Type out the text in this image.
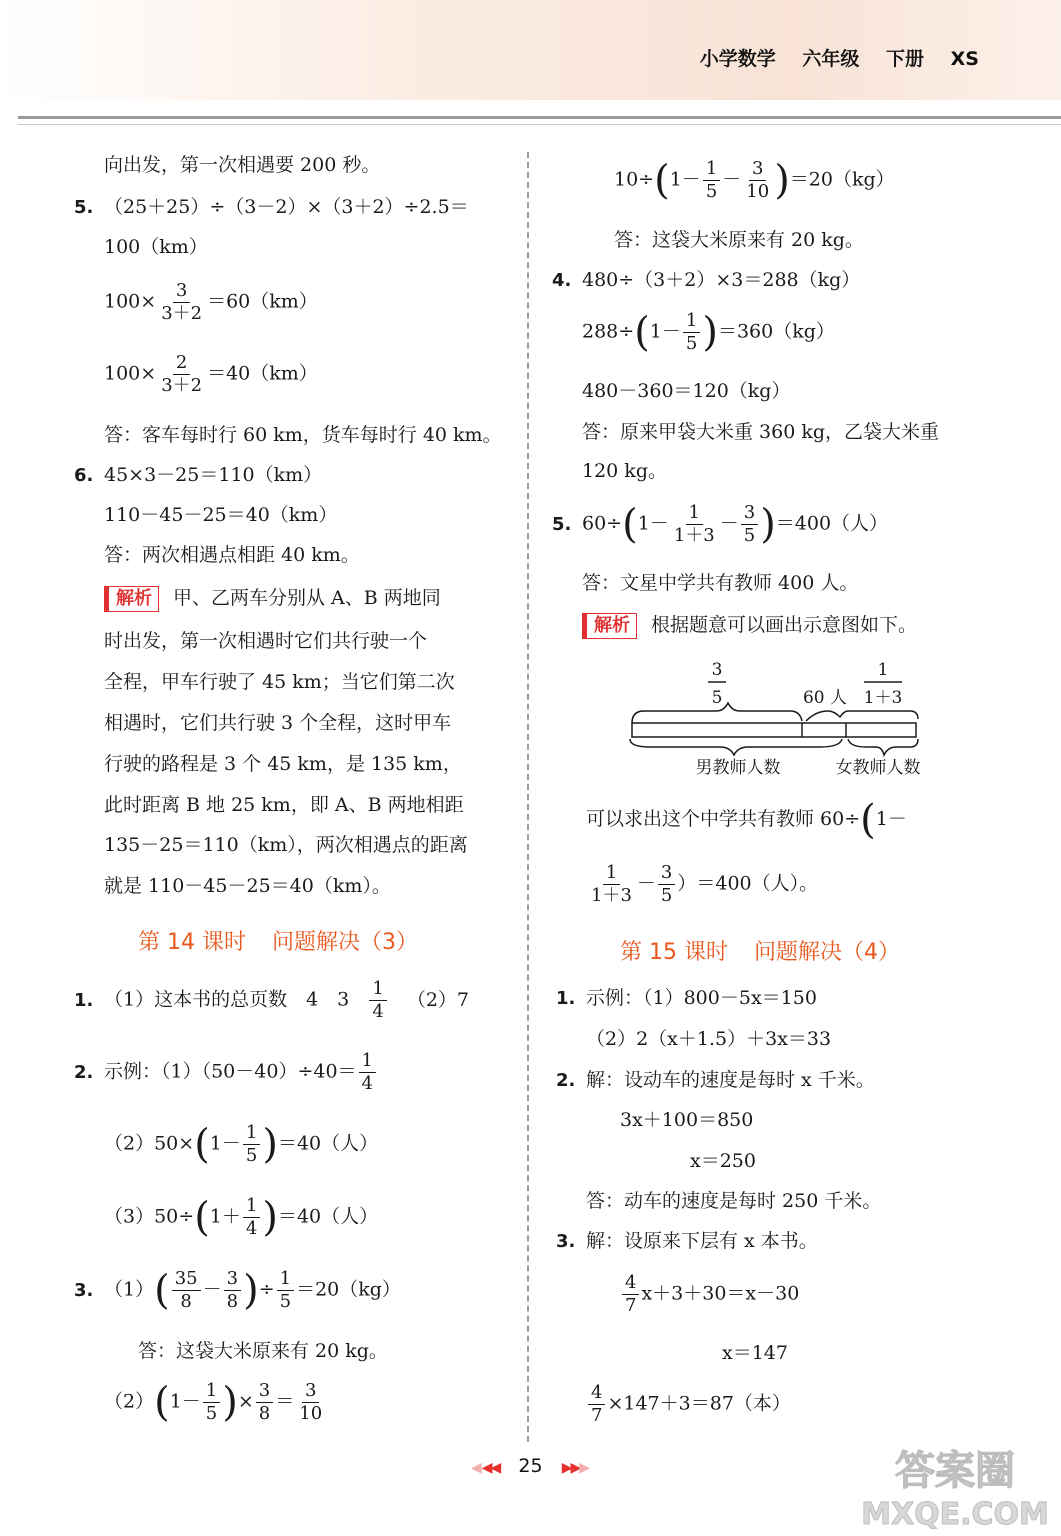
小学数学 六年级 下册 XS
向出发，第一次相遇要 200 秒。
5. （25＋25）÷（3－2）×（3＋2）÷2.5＝
100（km）
$100\times \frac{3}{3+2} =60(km)$
$100\times \frac{2}{3+2} =40(km)$
答：客车每时行 60 km，货车每时行 40 km。
6. 45×3－25＝110（km）
110－45－25＝40（km）
答：两次相遇点相距 40 km。
解析 甲、乙两车分别从 A、B 两地同
时出发，第一次相遇时它们共行驶一个
全程，甲车行驶了 45 km；当它们第二次
相遇时，它们共行驶 3 个全程，这时甲车
行驶的路程是 3 个 45 km，是 135 km，
此时距离 B 地 25 km，即 A、B 两地相距
135－25＝110（km），两次相遇点的距离
就是 110－45－25＝40（km）。
第 14 课时 问题解决（3）
1. （1）这本书的总页数　4　$3 \frac{1}{4} (2)7$
2. 示例：$(1)(50-40)\div 40= \frac{1}{4}$
$(2)50\times(1- \frac{1}{5} )=40$（人）
$(3)50\div(1+ \frac{1}{4} )=40$（人）
3. $(1)( \frac{35}{8} - \frac{3}{8}$ )÷ $\frac{1}{5} =20(kg)$
答：这袋大米原来有 20 kg。
$(2)(1- \frac{1}{5}$ )× $\frac{3}{8} = \frac{3}{10}$
$10\div(1- \frac{1}{5} - \frac{3}{10} )=20(kg)$
答：这袋大米原来有 20 kg。
4. 480÷（3＋2）×3＝288（kg）
$288\div(1- \frac{1}{5} )=360(kg)$
480－360＝120（kg）
答：原来甲袋大米重 360 kg，乙袋大米重
120 kg。
5. $60\div(1- \frac{1}{1+3} - \frac{3}{5} )=400$（人）
答：文星中学共有教师 400 人。
解析 根据题意可以画出示意图如下。
3
5	60 人
1
1＋3
男教师人数	女教师人数
可以求出这个中学共有教师 60÷(1－
$\frac{1}{1+3} - \frac{3}{5} )=400$（人）。
第 15 课时 问题解决（4）
1. 示例：（1）800－5x＝150
（2）2（x＋1.5）＋3x＝33
2. 解：设动车的速度是每时 x 千米。
3x＋100＝850
x＝250
答：动车的速度是每时 250 千米。
3. 解：设原来下层有 x 本书。
$\frac{4}{7} x+3+30=x-30$
x＝147
$\frac{4}{7} \times 147+3=87$（本）
◀◀◀ 25 ▶▶▶	答案圈
MXQE.COM
